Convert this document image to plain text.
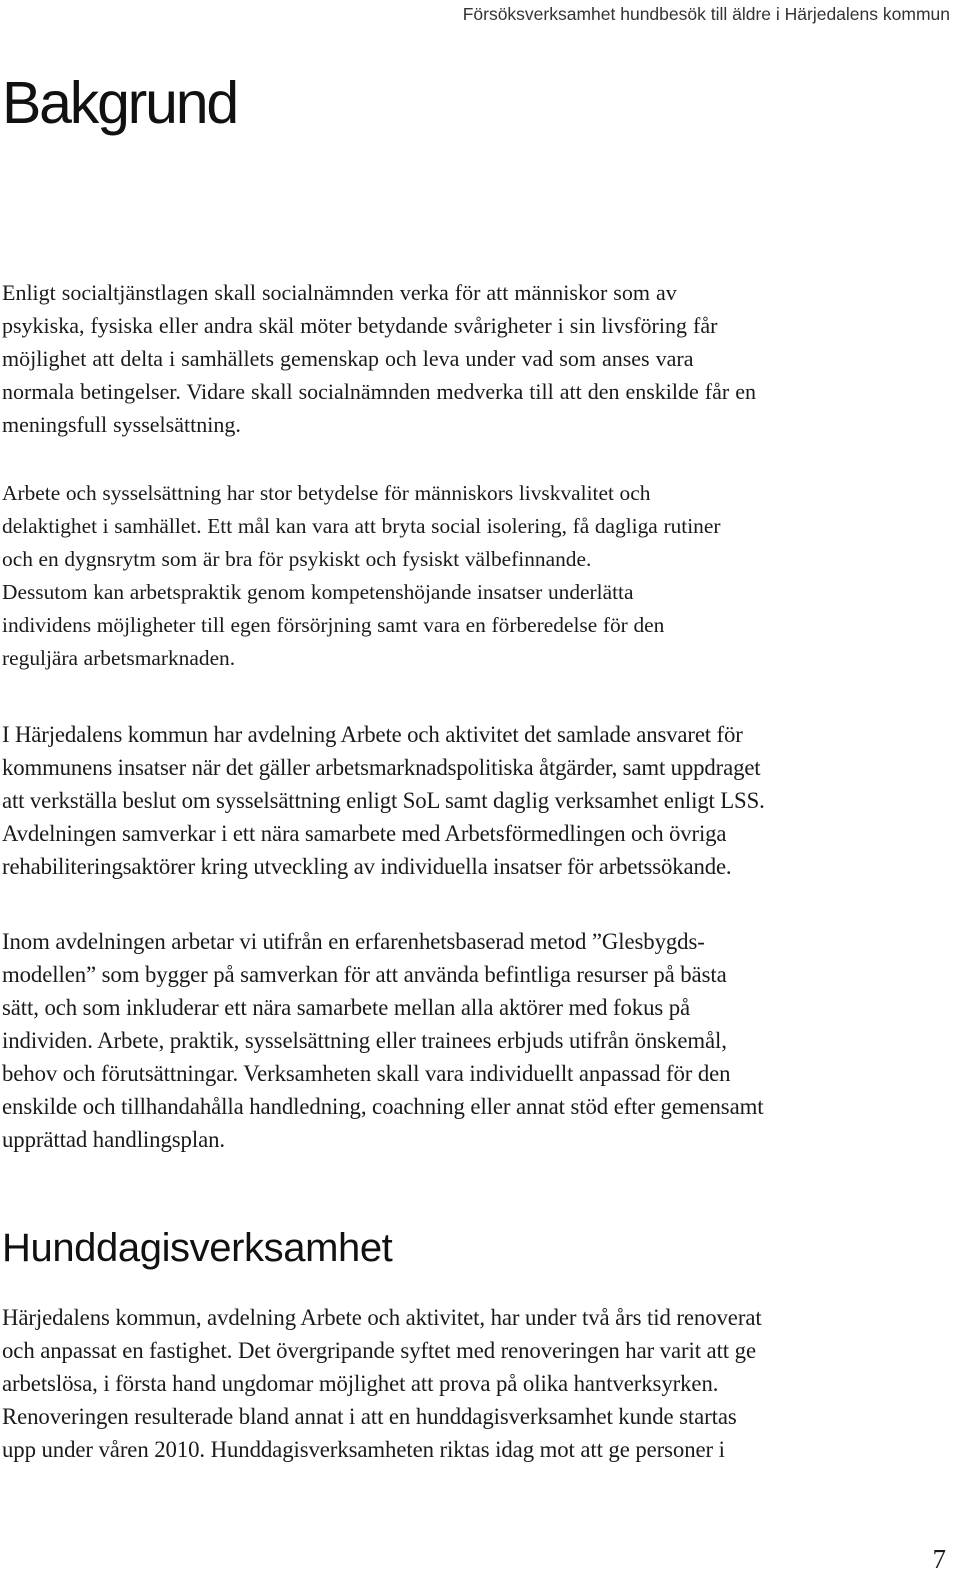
Försöksverksamhet hundbesök till äldre i Härjedalens kommun
Bakgrund

Enligt socialtjänstlagen skall socialnämnden verka för att människor som av
psykiska, fysiska eller andra skäl möter betydande svårigheter i sin livsföring får
möjlighet att delta i samhällets gemenskap och leva under vad som anses vara
normala betingelser. Vidare skall socialnämnden medverka till att den enskilde får en
meningsfull sysselsättning.

Arbete och sysselsättning har stor betydelse för människors livskvalitet och
delaktighet i samhället. Ett mål kan vara att bryta social isolering, få dagliga rutiner
och en dygnsrytm som är bra för psykiskt och fysiskt välbefinnande.
Dessutom kan arbetspraktik genom kompetenshöjande insatser underlätta
individens möjligheter till egen försörjning samt vara en förberedelse för den
reguljära arbetsmarknaden.

I Härjedalens kommun har avdelning Arbete och aktivitet det samlade ansvaret för
kommunens insatser när det gäller arbetsmarknadspolitiska åtgärder, samt uppdraget
att verkställa beslut om sysselsättning enligt SoL samt daglig verksamhet enligt LSS.
Avdelningen samverkar i ett nära samarbete med Arbetsförmedlingen och övriga
rehabiliteringsaktörer kring utveckling av individuella insatser för arbetssökande.

Inom avdelningen arbetar vi utifrån en erfarenhetsbaserad metod ”Glesbygds-
modellen” som bygger på samverkan för att använda befintliga resurser på bästa
sätt, och som inkluderar ett nära samarbete mellan alla aktörer med fokus på
individen. Arbete, praktik, sysselsättning eller trainees erbjuds utifrån önskemål,
behov och förutsättningar. Verksamheten skall vara individuellt anpassad för den
enskilde och tillhandahålla handledning, coachning eller annat stöd efter gemensamt
upprättad handlingsplan.

Hunddagisverksamhet

Härjedalens kommun, avdelning Arbete och aktivitet, har under två års tid renoverat
och anpassat en fastighet. Det övergripande syftet med renoveringen har varit att ge
arbetslösa, i första hand ungdomar möjlighet att prova på olika hantverksyrken.
Renoveringen resulterade bland annat i att en hunddagisverksamhet kunde startas
upp under våren 2010. Hunddagisverksamheten riktas idag mot att ge personer i

7
